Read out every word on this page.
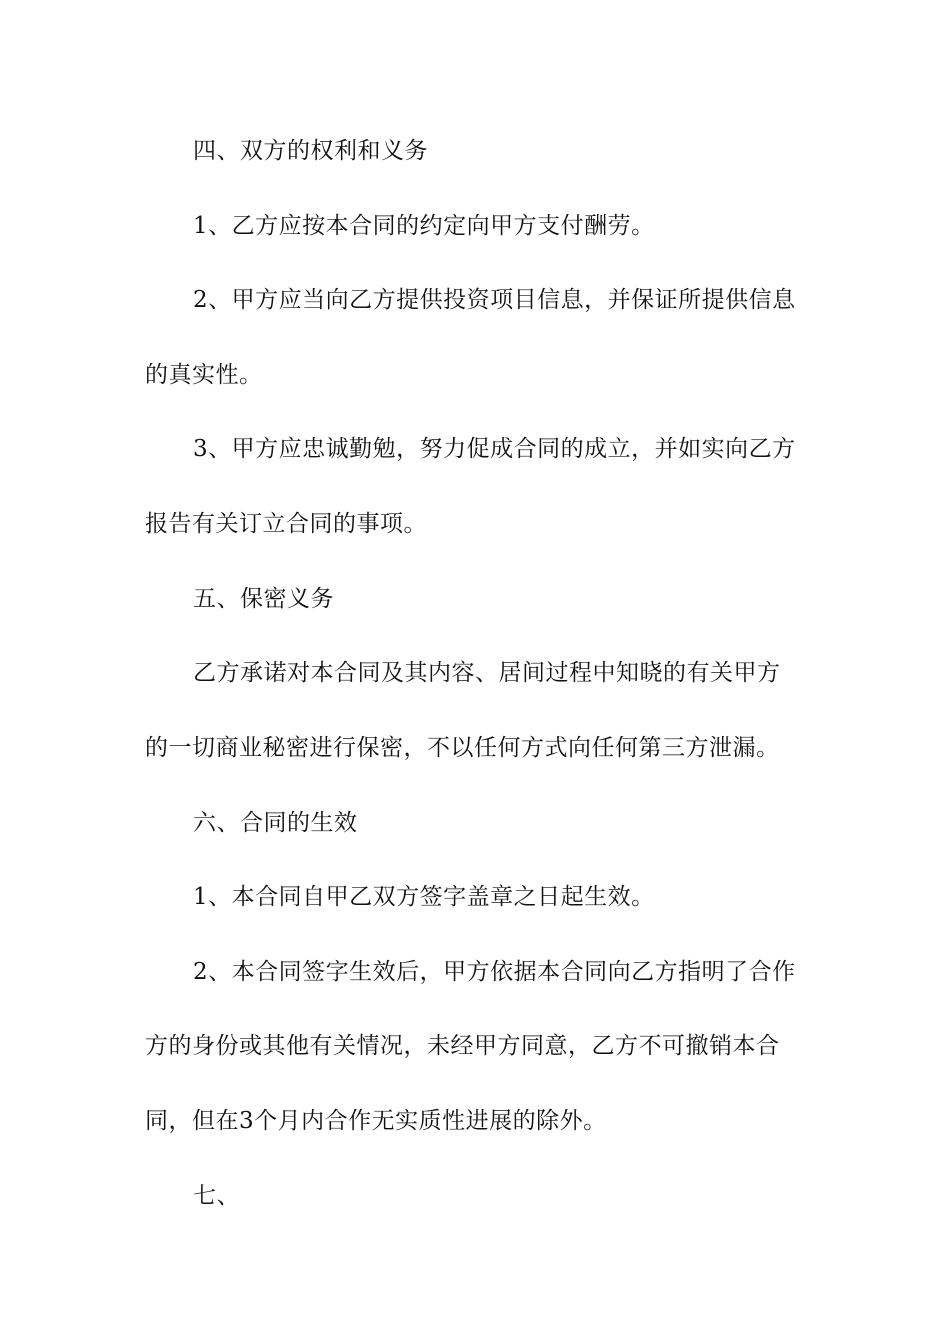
四、双方的权利和义务
1、乙方应按本合同的约定向甲方支付酬劳。
2、甲方应当向乙方提供投资项目信息，并保证所提供信息
的真实性。
3、甲方应忠诚勤勉，努力促成合同的成立，并如实向乙方
报告有关订立合同的事项。
五、保密义务
乙方承诺对本合同及其内容、居间过程中知晓的有关甲方
的一切商业秘密进行保密，不以任何方式向任何第三方泄漏。
六、合同的生效
1、本合同自甲乙双方签字盖章之日起生效。
2、本合同签字生效后，甲方依据本合同向乙方指明了合作
方的身份或其他有关情况，未经甲方同意，乙方不可撤销本合
同，但在3个月内合作无实质性进展的除外。
七、
